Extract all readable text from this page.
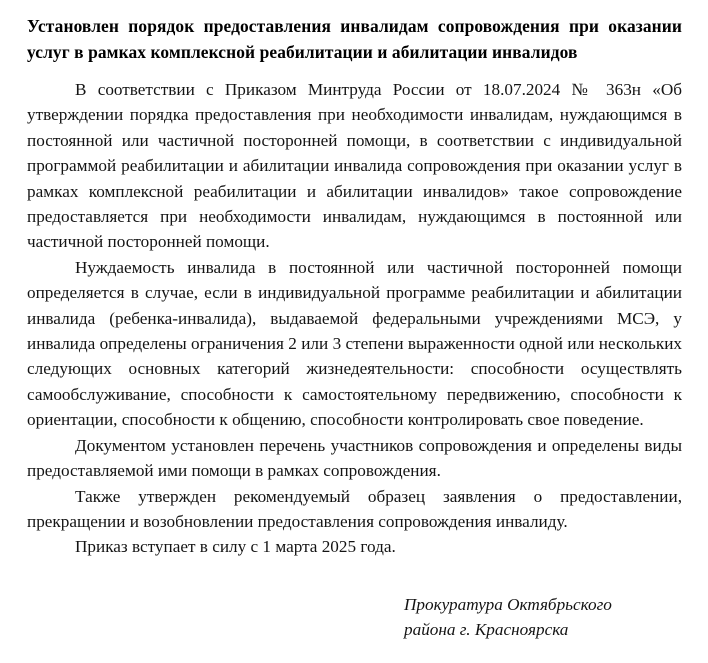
Установлен порядок предоставления инвалидам сопровождения при оказании услуг в рамках комплексной реабилитации и абилитации инвалидов

В соответствии с Приказом Минтруда России от 18.07.2024 № 363н «Об утверждении порядка предоставления при необходимости инвалидам, нуждающимся в постоянной или частичной посторонней помощи, в соответствии с индивидуальной программой реабилитации и абилитации инвалида сопровождения при оказании услуг в рамках комплексной реабилитации и абилитации инвалидов» такое сопровождение предоставляется при необходимости инвалидам, нуждающимся в постоянной или частичной посторонней помощи.

Нуждаемость инвалида в постоянной или частичной посторонней помощи определяется в случае, если в индивидуальной программе реабилитации и абилитации инвалида (ребенка-инвалида), выдаваемой федеральными учреждениями МСЭ, у инвалида определены ограничения 2 или 3 степени выраженности одной или нескольких следующих основных категорий жизнедеятельности: способности осуществлять самообслуживание, способности к самостоятельному передвижению, способности к ориентации, способности к общению, способности контролировать свое поведение.

Документом установлен перечень участников сопровождения и определены виды предоставляемой ими помощи в рамках сопровождения.

Также утвержден рекомендуемый образец заявления о предоставлении, прекращении и возобновлении предоставления сопровождения инвалиду.

Приказ вступает в силу с 1 марта 2025 года.

Прокуратура Октябрьского
района г. Красноярска
